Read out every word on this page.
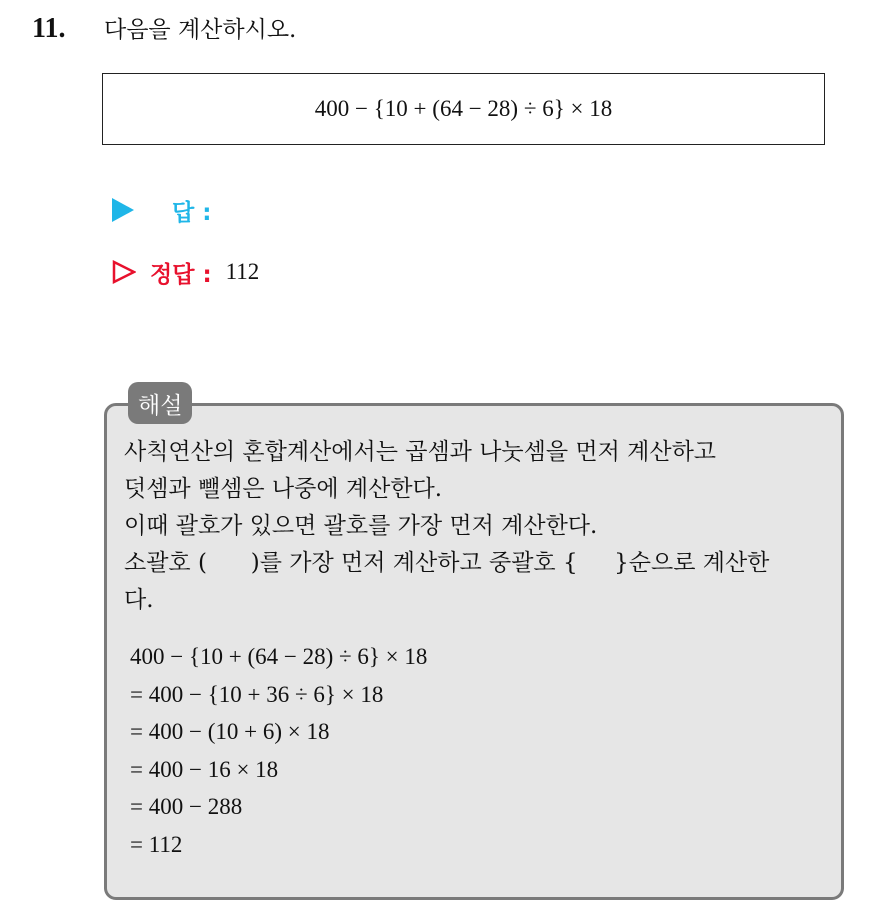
11. 다음을 계산하시오.
400 − {10 + (64 − 28) ÷ 6} × 18
답 :
정답 : 112
해설

사칙연산의 혼합계산에서는 곱셈과 나눗셈을 먼저 계산하고

덧셈과 뺄셈은 나중에 계산한다.

이때 괄호가 있으면 괄호를 가장 먼저 계산한다.

소괄호 (      )를 가장 먼저 계산하고 중괄호 {     }순으로 계산한

다.

400 − {10 + (64 − 28) ÷ 6} × 18
= 400 − {10 + 36 ÷ 6} × 18
= 400 − (10 + 6) × 18
= 400 − 16 × 18
= 400 − 288
= 112
